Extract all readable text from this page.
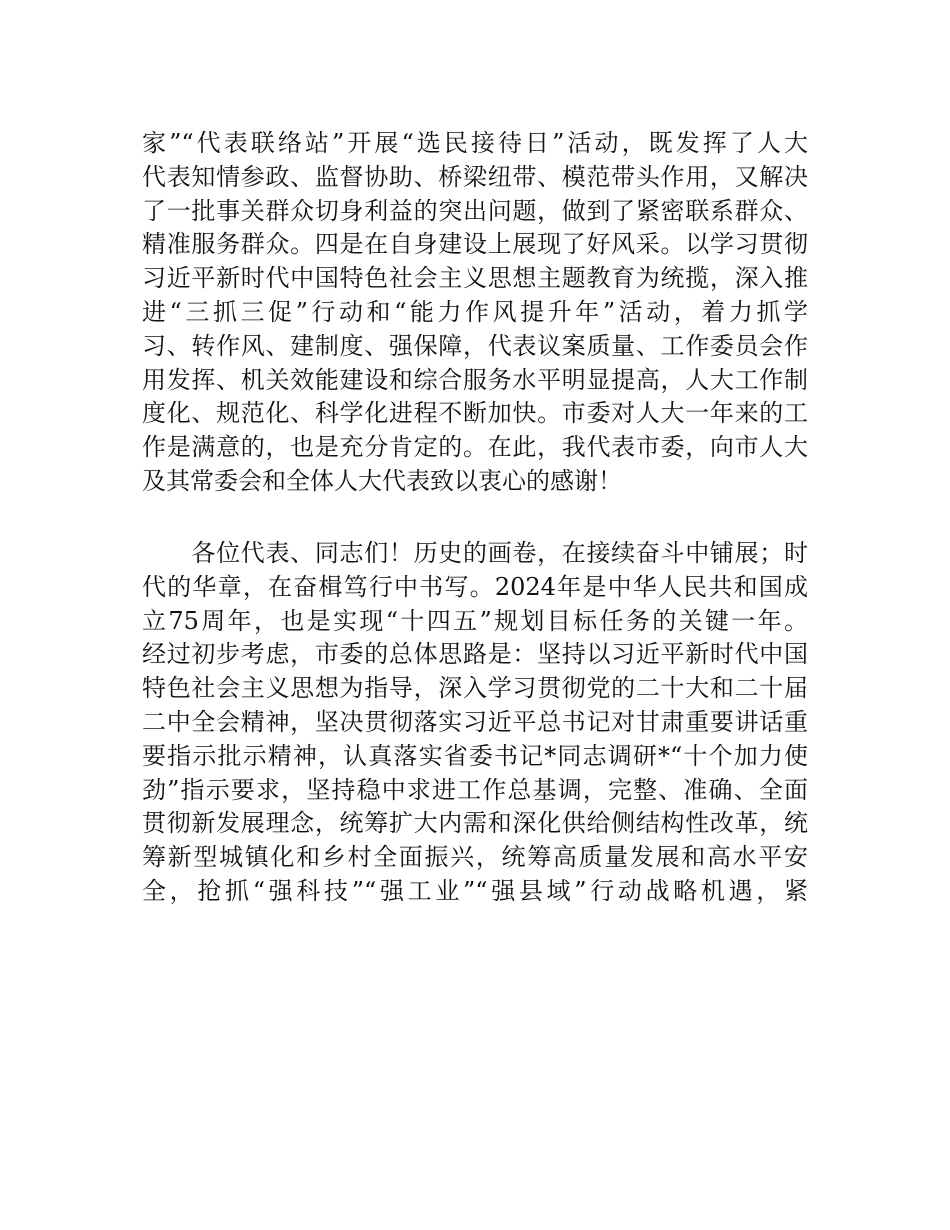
家”“代表联络站”开展“选民接待日”活动，既发挥了人大
代表知情参政、监督协助、桥梁纽带、模范带头作用，又解决
了一批事关群众切身利益的突出问题，做到了紧密联系群众、
精准服务群众。四是在自身建设上展现了好风采。以学习贯彻
习近平新时代中国特色社会主义思想主题教育为统揽，深入推
进“三抓三促”行动和“能力作风提升年”活动，着力抓学
习、转作风、建制度、强保障，代表议案质量、工作委员会作
用发挥、机关效能建设和综合服务水平明显提高，人大工作制
度化、规范化、科学化进程不断加快。市委对人大一年来的工
作是满意的，也是充分肯定的。在此，我代表市委，向市人大
及其常委会和全体人大代表致以衷心的感谢！
　　各位代表、同志们！历史的画卷，在接续奋斗中铺展；时
代的华章，在奋楫笃行中书写。2024年是中华人民共和国成
立75周年，也是实现“十四五”规划目标任务的关键一年。
经过初步考虑，市委的总体思路是：坚持以习近平新时代中国
特色社会主义思想为指导，深入学习贯彻党的二十大和二十届
二中全会精神，坚决贯彻落实习近平总书记对甘肃重要讲话重
要指示批示精神，认真落实省委书记*同志调研*“十个加力使
劲”指示要求，坚持稳中求进工作总基调，完整、准确、全面
贯彻新发展理念，统筹扩大内需和深化供给侧结构性改革，统
筹新型城镇化和乡村全面振兴，统筹高质量发展和高水平安
全，抢抓“强科技”“强工业”“强县域”行动战略机遇，紧
